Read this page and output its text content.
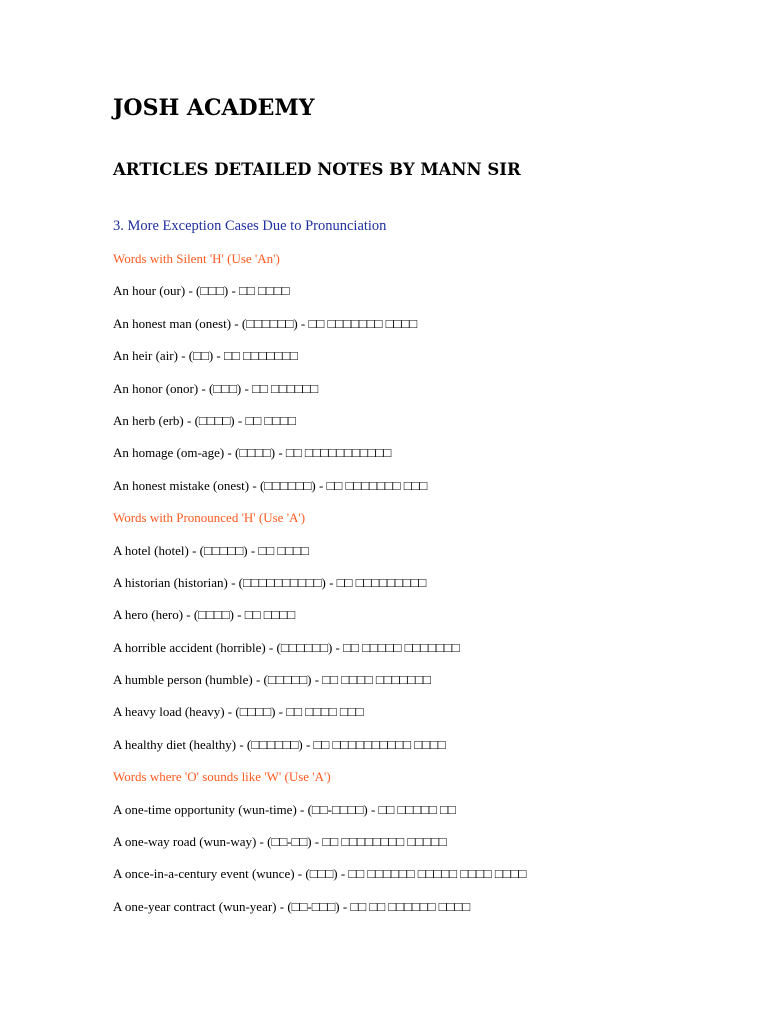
JOSH ACADEMY
ARTICLES DETAILED NOTES BY MANN SIR
3. More Exception Cases Due to Pronunciation
Words with Silent 'H' (Use 'An')
An hour (our) - (□□□) - □□ □□□□
An honest man (onest) - (□□□□□□) - □□ □□□□□□□ □□□□
An heir (air) - (□□) - □□ □□□□□□□
An honor (onor) - (□□□) - □□ □□□□□□
An herb (erb) - (□□□□) - □□ □□□□
An homage (om-age) - (□□□□) - □□ □□□□□□□□□□□
An honest mistake (onest) - (□□□□□□) - □□ □□□□□□□ □□□
Words with Pronounced 'H' (Use 'A')
A hotel (hotel) - (□□□□□) - □□ □□□□
A historian (historian) - (□□□□□□□□□□) - □□ □□□□□□□□□
A hero (hero) - (□□□□) - □□ □□□□
A horrible accident (horrible) - (□□□□□□) - □□ □□□□□ □□□□□□□
A humble person (humble) - (□□□□□) - □□ □□□□ □□□□□□□
A heavy load (heavy) - (□□□□) - □□ □□□□ □□□
A healthy diet (healthy) - (□□□□□□) - □□ □□□□□□□□□□ □□□□
Words where 'O' sounds like 'W' (Use 'A')
A one-time opportunity (wun-time) - (□□-□□□□) - □□ □□□□□ □□
A one-way road (wun-way) - (□□-□□) - □□ □□□□□□□□ □□□□□
A once-in-a-century event (wunce) - (□□□) - □□ □□□□□□ □□□□□ □□□□ □□□□
A one-year contract (wun-year) - (□□-□□□) - □□ □□ □□□□□□ □□□□
